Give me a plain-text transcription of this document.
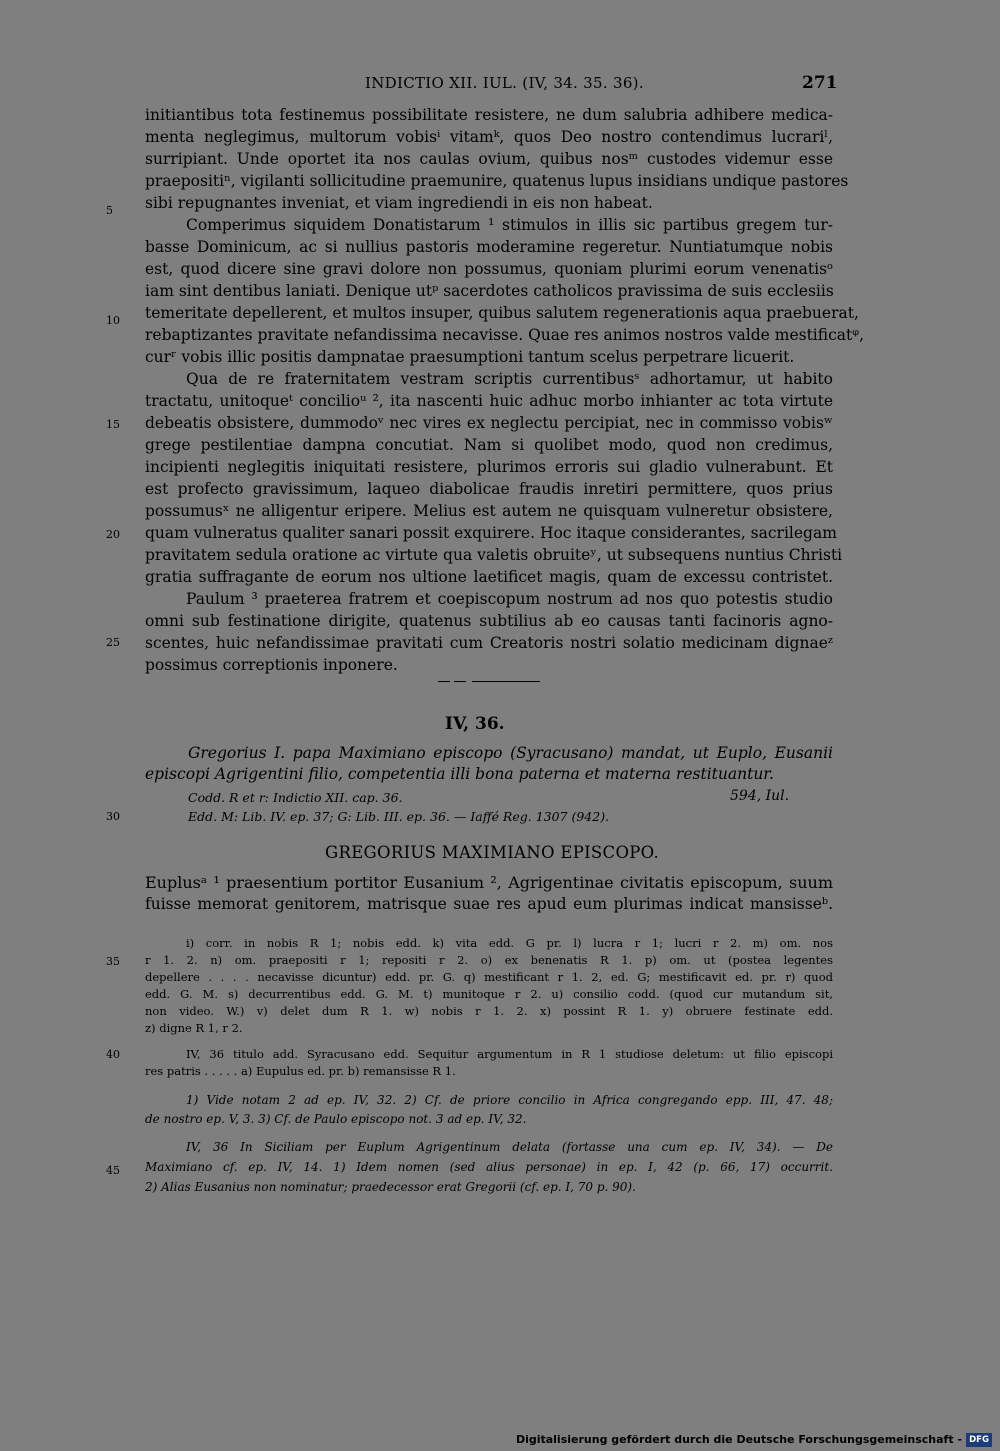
INDICTIO XII. IUL. (IV, 34. 35. 36).	271
5
10
15
20
25
30
35
40
45
initiantibus tota festinemus possibilitate resistere, ne dum salubria adhibere medica-
menta neglegimus, multorum vobisⁱ vitamᵏ, quos Deo nostro contendimus lucrariˡ,
surripiant. Unde oportet ita nos caulas ovium, quibus nosᵐ custodes videmur esse
praepositiⁿ, vigilanti sollicitudine praemunire, quatenus lupus insidians undique pastores
sibi repugnantes inveniat, et viam ingrediendi in eis non habeat.
Comperimus siquidem Donatistarum ¹ stimulos in illis sic partibus gregem tur-
basse Dominicum, ac si nullius pastoris moderamine regeretur. Nuntiatumque nobis
est, quod dicere sine gravi dolore non possumus, quoniam plurimi eorum venenatisᵒ
iam sint dentibus laniati. Denique utᵖ sacerdotes catholicos pravissima de suis ecclesiis
temeritate depellerent, et multos insuper, quibus salutem regenerationis aqua praebuerat,
rebaptizantes pravitate nefandissima necavisse. Quae res animos nostros valde mestificatᵠ,
curʳ vobis illic positis dampnatae praesumptioni tantum scelus perpetrare licuerit.
Qua de re fraternitatem vestram scriptis currentibusˢ adhortamur, ut habito
tractatu, unitoqueᵗ concilioᵘ ², ita nascenti huic adhuc morbo inhianter ac tota virtute
debeatis obsistere, dummodoᵛ nec vires ex neglectu percipiat, nec in commisso vobisʷ
grege pestilentiae dampna concutiat. Nam si quolibet modo, quod non credimus,
incipienti neglegitis iniquitati resistere, plurimos erroris sui gladio vulnerabunt. Et
est profecto gravissimum, laqueo diabolicae fraudis inretiri permittere, quos prius
possumusˣ ne alligentur eripere. Melius est autem ne quisquam vulneretur obsistere,
quam vulneratus qualiter sanari possit exquirere. Hoc itaque considerantes, sacrilegam
pravitatem sedula oratione ac virtute qua valetis obruiteʸ, ut subsequens nuntius Christi
gratia suffragante de eorum nos ultione laetificet magis, quam de excessu contristet.
Paulum ³ praeterea fratrem et coepiscopum nostrum ad nos quo potestis studio
omni sub festinatione dirigite, quatenus subtilius ab eo causas tanti facinoris agno-
scentes, huic nefandissimae pravitati cum Creatoris nostri solatio medicinam dignaeᶻ
possimus correptionis inponere.
IV, 36.
Gregorius I. papa Maximiano episcopo (Syracusano) mandat, ut Euplo, Eusanii
episcopi Agrigentini filio, competentia illi bona paterna et materna restituantur.
Codd. R et r: Indictio XII. cap. 36.	594, Iul.
Edd. M: Lib. IV. ep. 37; G: Lib. III. ep. 36. — Iaffé Reg. 1307 (942).
GREGORIUS MAXIMIANO EPISCOPO.
Euplusᵃ ¹ praesentium portitor Eusanium ², Agrigentinae civitatis episcopum, suum
fuisse memorat genitorem, matrisque suae res apud eum plurimas indicat mansisseᵇ.
i) corr. in nobis R 1; nobis edd. k) vita edd. G pr. l) lucra r 1; lucri r 2. m) om. nos
r 1. 2. n) om. praepositi r 1; repositi r 2. o) ex benenatis R 1. p) om. ut (postea legentes
depellere . . . . necavisse dicuntur) edd. pr. G. q) mestificant r 1. 2, ed. G; mestificavit ed. pr. r) quod
edd. G. M. s) decurrentibus edd. G. M. t) munitoque r 2. u) consilio codd. (quod cur mutandum sit,
non video. W.) v) delet dum R 1. w) nobis r 1. 2. x) possint R 1. y) obruere festinate edd.
z) digne R 1, r 2.
IV, 36 titulo add. Syracusano edd. Sequitur argumentum in R 1 studiose deletum: ut filio episcopi
res patris . . . . . a) Eupulus ed. pr. b) remansisse R 1.
1) Vide notam 2 ad ep. IV, 32. 2) Cf. de priore concilio in Africa congregando epp. III, 47. 48;
de nostro ep. V, 3. 3) Cf. de Paulo episcopo not. 3 ad ep. IV, 32.
IV, 36 In Siciliam per Euplum Agrigentinum delata (fortasse una cum ep. IV, 34). — De
Maximiano cf. ep. IV, 14. 1) Idem nomen (sed alius personae) in ep. I, 42 (p. 66, 17) occurrit.
2) Alias Eusanius non nominatur; praedecessor erat Gregorii (cf. ep. I, 70 p. 90).
Digitalisierung gefördert durch die Deutsche Forschungsgemeinschaft - DFG
